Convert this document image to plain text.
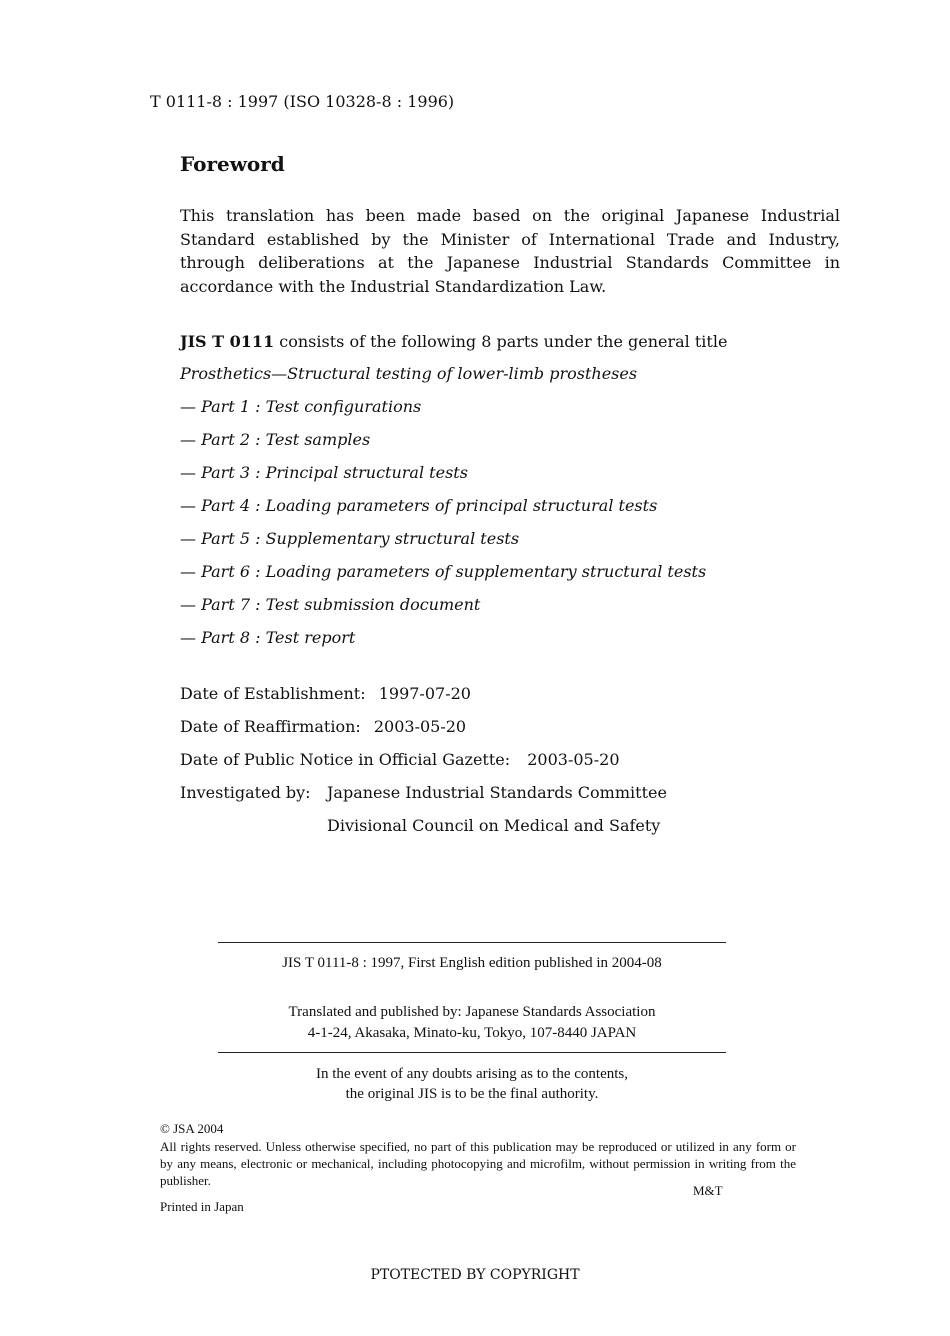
T 0111-8 : 1997 (ISO 10328-8 : 1996)
Foreword
This translation has been made based on the original Japanese Industrial Standard established by the Minister of International Trade and Industry, through deliberations at the Japanese Industrial Standards Committee in accordance with the Industrial Standardization Law.
JIS T 0111 consists of the following 8 parts under the general title
Prosthetics—Structural testing of lower-limb prostheses
— Part 1 : Test configurations
— Part 2 : Test samples
— Part 3 : Principal structural tests
— Part 4 : Loading parameters of principal structural tests
— Part 5 : Supplementary structural tests
— Part 6 : Loading parameters of supplementary structural tests
— Part 7 : Test submission document
— Part 8 : Test report
Date of Establishment: 1997-07-20
Date of Reaffirmation: 2003-05-20
Date of Public Notice in Official Gazette: 2003-05-20
Investigated by: Japanese Industrial Standards Committee
Divisional Council on Medical and Safety
JIS T 0111-8 : 1997, First English edition published in 2004-08
Translated and published by: Japanese Standards Association
4-1-24, Akasaka, Minato-ku, Tokyo, 107-8440 JAPAN
In the event of any doubts arising as to the contents,
the original JIS is to be the final authority.
© JSA 2004
All rights reserved. Unless otherwise specified, no part of this publication may be reproduced or utilized in any form or by any means, electronic or mechanical, including photocopying and microfilm, without permission in writing from the publisher.
M&T
Printed in Japan
PTOTECTED BY COPYRIGHT
